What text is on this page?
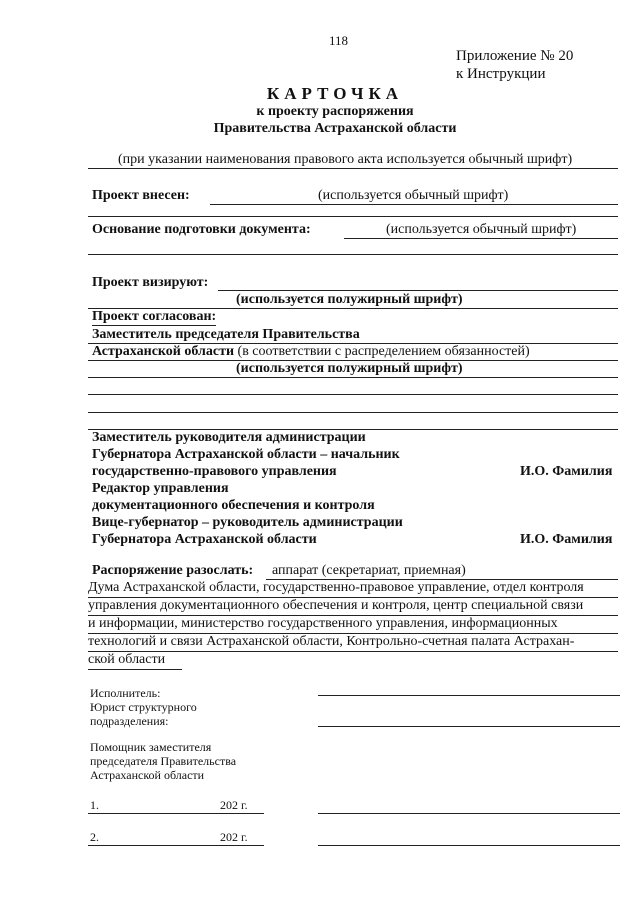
118
Приложение № 20
к Инструкции
КАРТОЧКА
к проекту распоряжения
Правительства Астраханской области
(при указании наименования правового акта используется обычный шрифт)
Проект внесен:	(используется обычный шрифт)
Основание подготовки документа:	(используется обычный шрифт)
Проект визируют:
(используется полужирный шрифт)
Проект согласован:
Заместитель председателя Правительства
Астраханской области (в соответствии с распределением обязанностей)
(используется полужирный шрифт)
Заместитель руководителя администрации
Губернатора Астраханской области – начальник
государственно-правового управления	И.О. Фамилия
Редактор управления
документационного обеспечения и контроля
Вице-губернатор – руководитель администрации
Губернатора Астраханской области	И.О. Фамилия
Распоряжение разослать: аппарат (секретариат, приемная)
Дума Астраханской области, государственно-правовое управление, отдел контроля
управления документационного обеспечения и контроля, центр специальной связи
и информации, министерство государственного управления, информационных
технологий и связи Астраханской области, Контрольно-счетная палата Астрахан-
ской области
Исполнитель:
Юрист структурного
подразделения:
Помощник заместителя
председателя Правительства
Астраханской области
1.	202 г.
2.	202 г.
